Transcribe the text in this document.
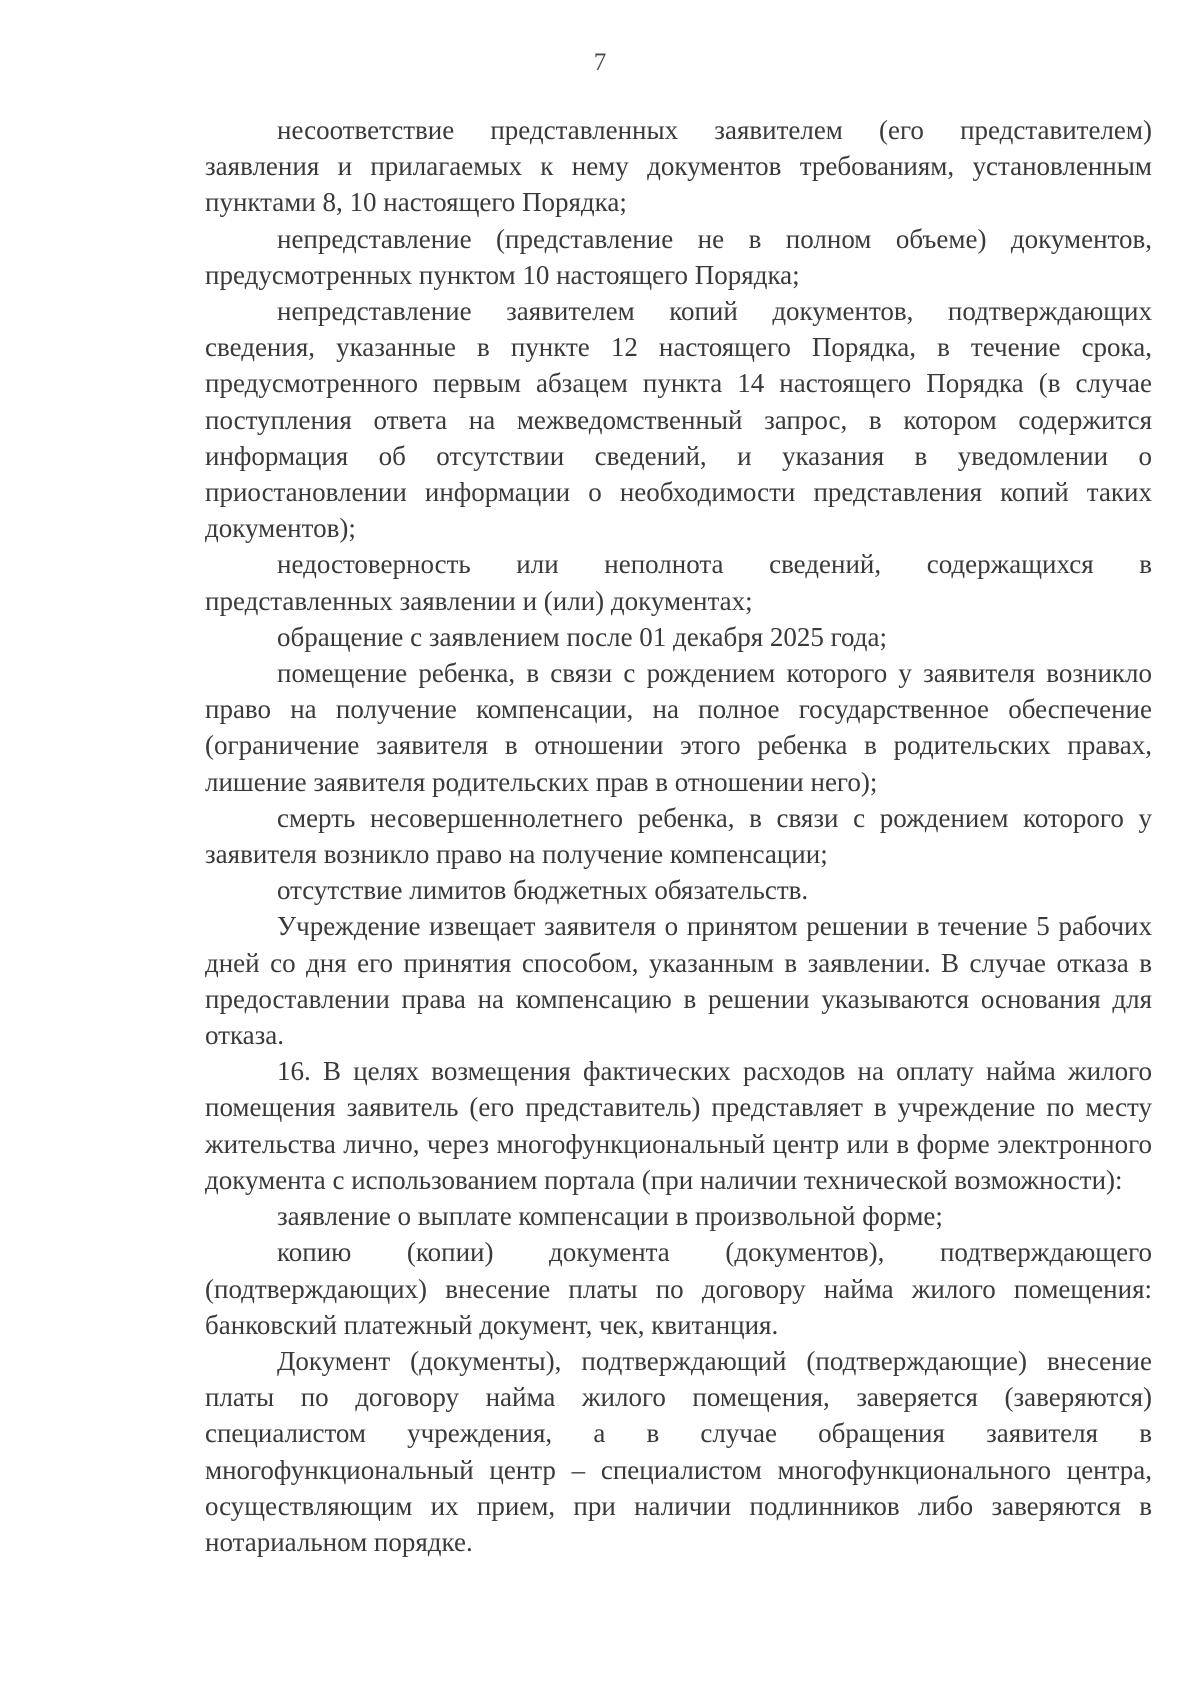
7

несоответствие представленных заявителем (его представителем) заявления и прилагаемых к нему документов требованиям, установленным пунктами 8, 10 настоящего Порядка;

непредставление (представление не в полном объеме) документов, предусмотренных пунктом 10 настоящего Порядка;

непредставление заявителем копий документов, подтверждающих сведения, указанные в пункте 12 настоящего Порядка, в течение срока, предусмотренного первым абзацем пункта 14 настоящего Порядка (в случае поступления ответа на межведомственный запрос, в котором содержится информация об отсутствии сведений, и указания в уведомлении о приостановлении информации о необходимости представления копий таких документов);

недостоверность или неполнота сведений, содержащихся в представленных заявлении и (или) документах;

обращение с заявлением после 01 декабря 2025 года;

помещение ребенка, в связи с рождением которого у заявителя возникло право на получение компенсации, на полное государственное обеспечение (ограничение заявителя в отношении этого ребенка в родительских правах, лишение заявителя родительских прав в отношении него);

смерть несовершеннолетнего ребенка, в связи с рождением которого у заявителя возникло право на получение компенсации;

отсутствие лимитов бюджетных обязательств.

Учреждение извещает заявителя о принятом решении в течение 5 рабочих дней со дня его принятия способом, указанным в заявлении. В случае отказа в предоставлении права на компенсацию в решении указываются основания для отказа.

16. В целях возмещения фактических расходов на оплату найма жилого помещения заявитель (его представитель) представляет в учреждение по месту жительства лично, через многофункциональный центр или в форме электронного документа с использованием портала (при наличии технической возможности):

заявление о выплате компенсации в произвольной форме;

копию (копии) документа (документов), подтверждающего (подтверждающих) внесение платы по договору найма жилого помещения: банковский платежный документ, чек, квитанция.

Документ (документы), подтверждающий (подтверждающие) внесение платы по договору найма жилого помещения, заверяется (заверяются) специалистом учреждения, а в случае обращения заявителя в многофункциональный центр – специалистом многофункционального центра, осуществляющим их прием, при наличии подлинников либо заверяются в нотариальном порядке.
